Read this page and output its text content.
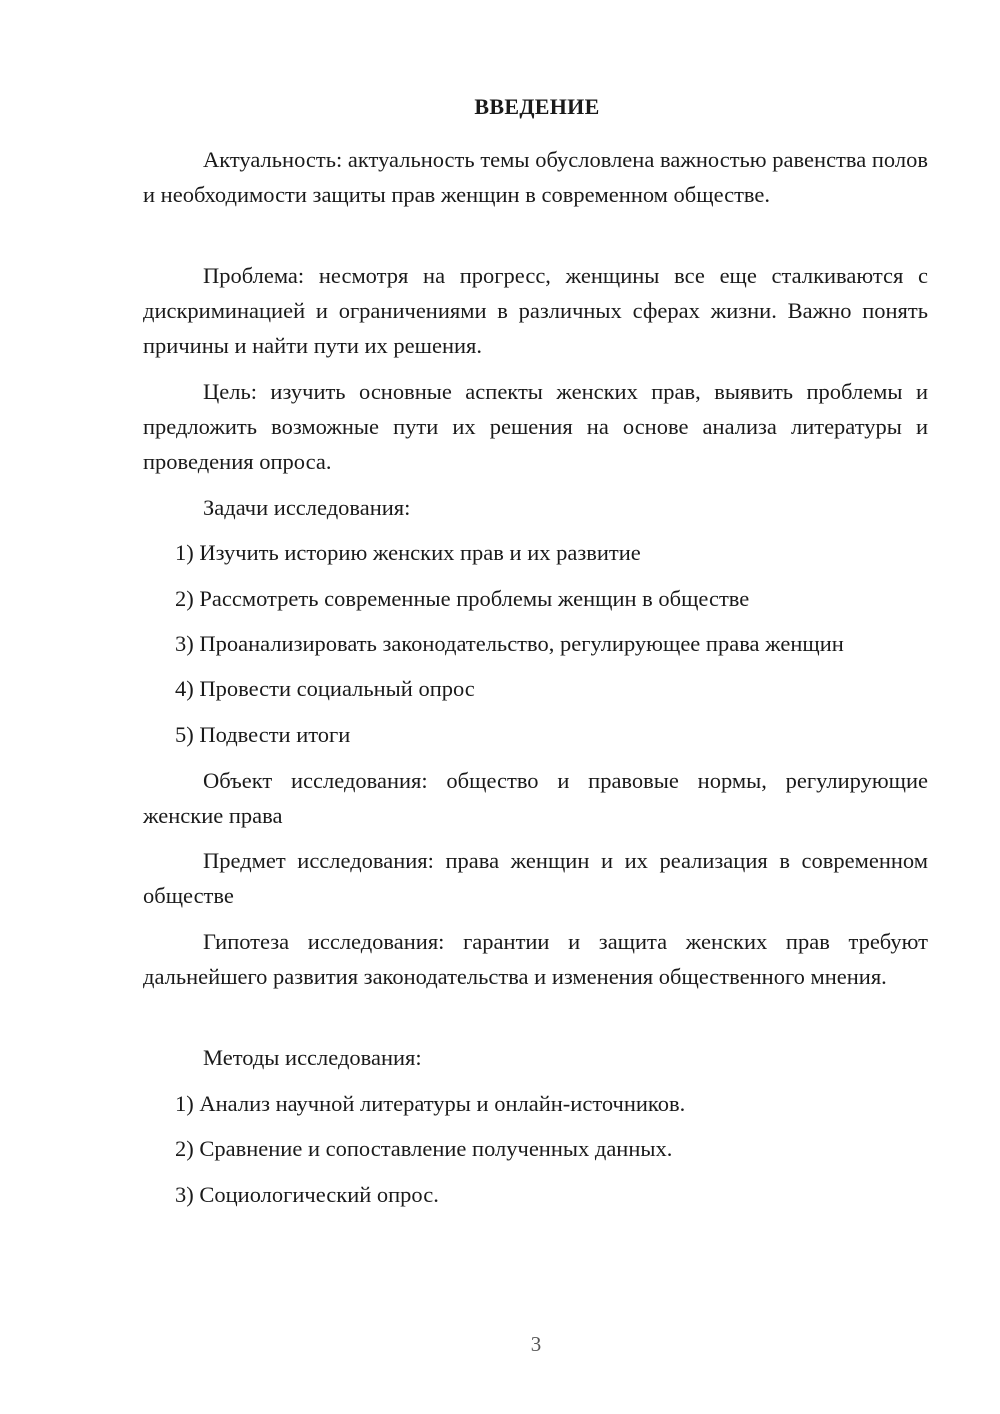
ВВЕДЕНИЕ

Актуальность: актуальность темы обусловлена важностью равенства полов и необходимости защиты прав женщин в современном обществе.

Проблема: несмотря на прогресс, женщины все еще сталкиваются с дискриминацией и ограничениями в различных сферах жизни. Важно понять причины и найти пути их решения.

Цель: изучить основные аспекты женских прав, выявить проблемы и предложить возможные пути их решения на основе анализа литературы и проведения опроса.

Задачи исследования:

1) Изучить историю женских прав и их развитие
2) Рассмотреть современные проблемы женщин в обществе
3) Проанализировать законодательство, регулирующее права женщин
4) Провести социальный опрос
5) Подвести итоги

Объект исследования: общество и правовые нормы, регулирующие женские права

Предмет исследования: права женщин и их реализация в современном обществе

Гипотеза исследования: гарантии и защита женских прав требуют дальнейшего развития законодательства и изменения общественного мнения.

Методы исследования:

1) Анализ научной литературы и онлайн-источников.
2) Сравнение и сопоставление полученных данных.
3) Социологический опрос.
3
